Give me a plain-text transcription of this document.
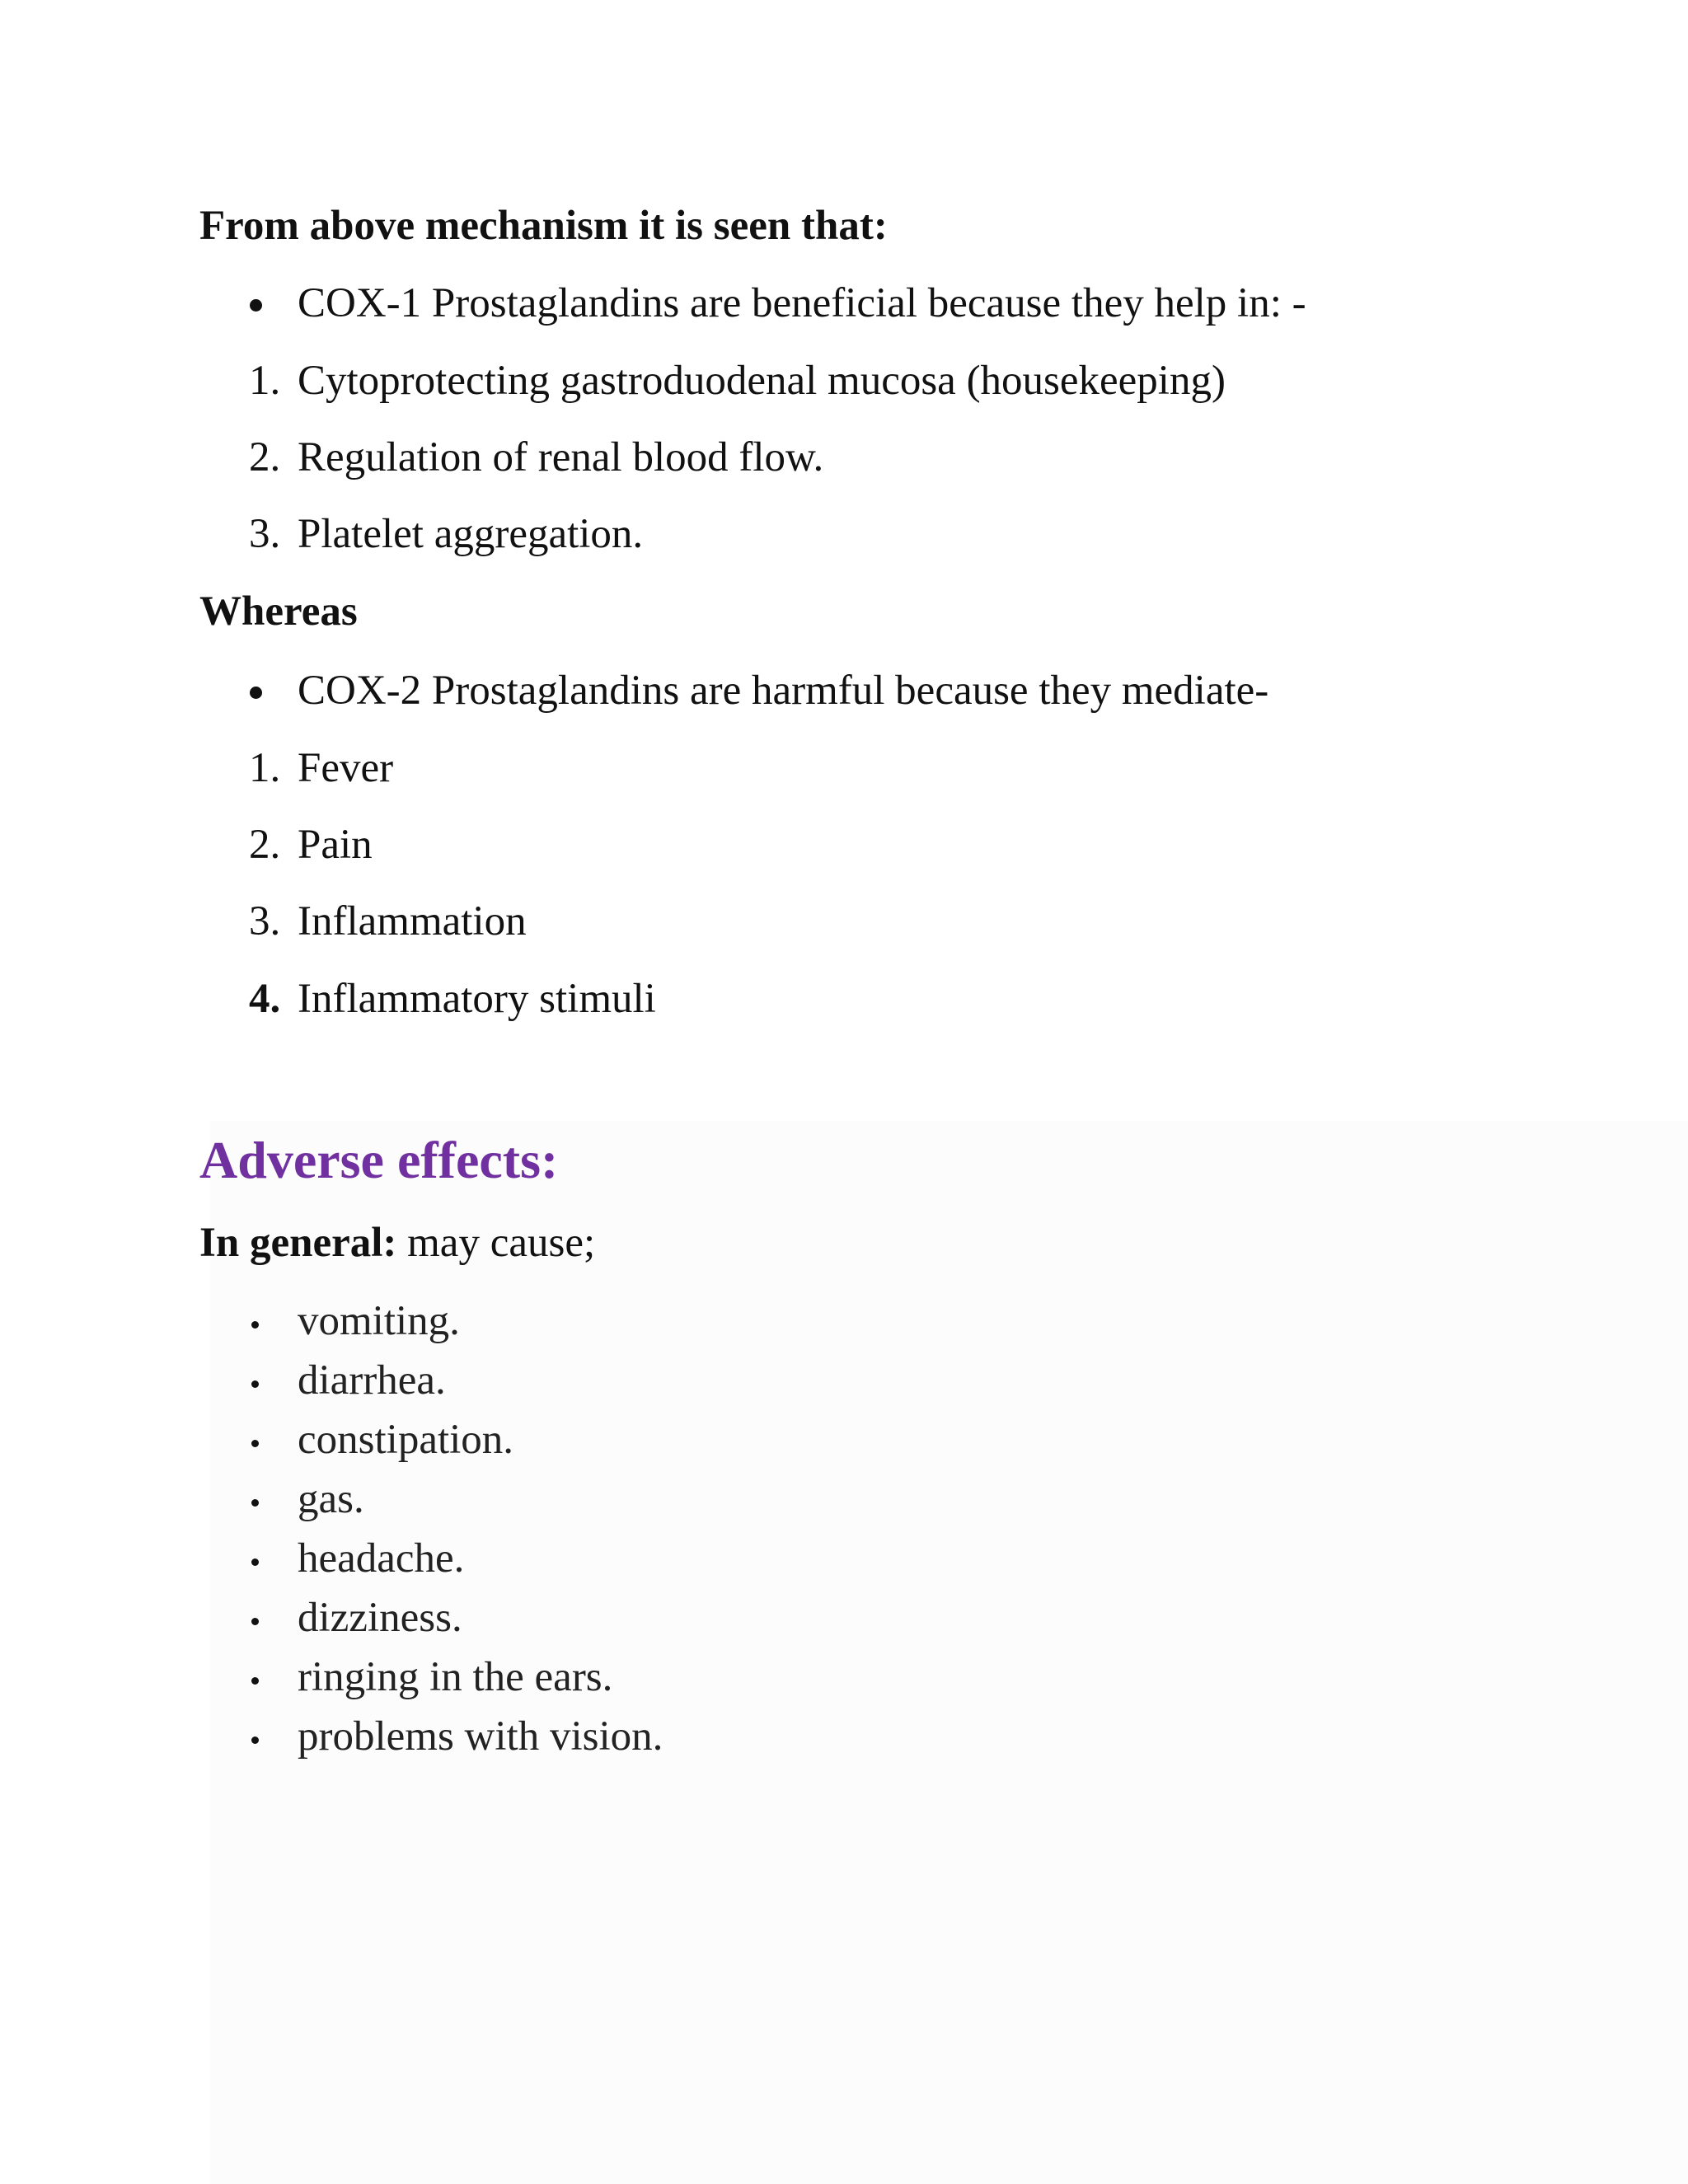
From above mechanism it is seen that:
COX-1 Prostaglandins are beneficial because they help in: -
1. Cytoprotecting gastroduodenal mucosa (housekeeping)
2. Regulation of renal blood flow.
3. Platelet aggregation.
Whereas
COX-2 Prostaglandins are harmful because they mediate-
1. Fever
2. Pain
3. Inflammation
4. Inflammatory stimuli
Adverse effects:
In general: may cause;
vomiting.
diarrhea.
constipation.
gas.
headache.
dizziness.
ringing in the ears.
problems with vision.
